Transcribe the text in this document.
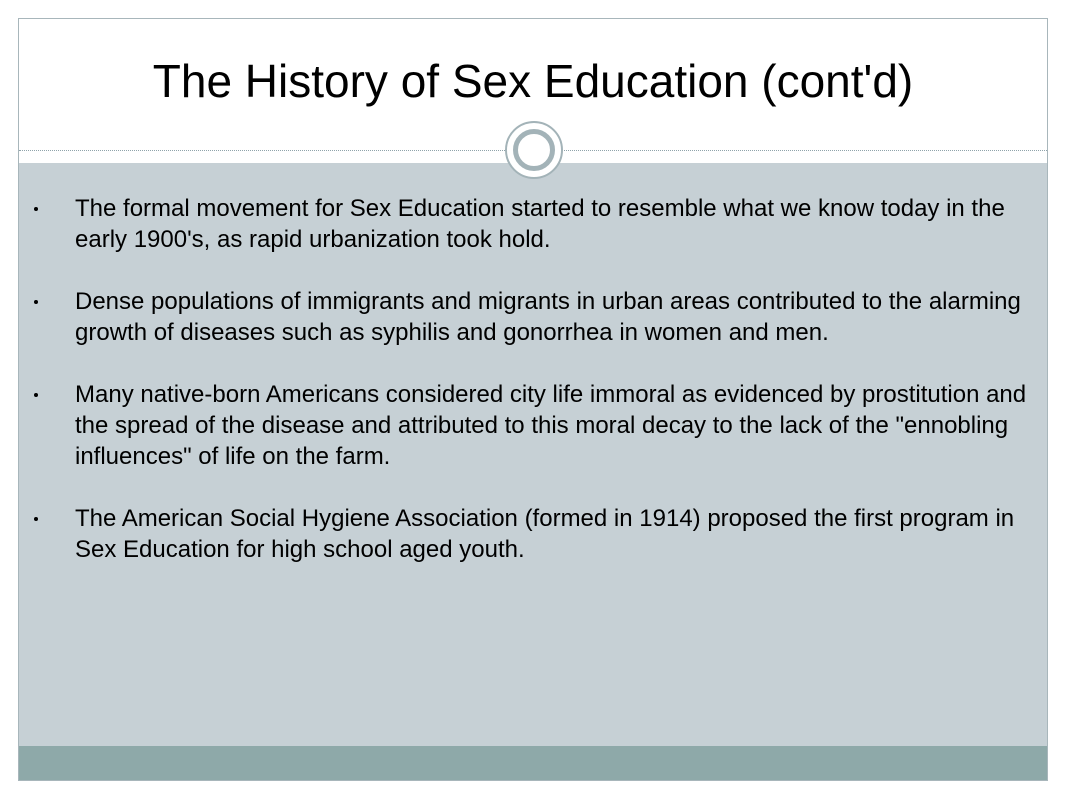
The History of Sex Education (cont'd)
The formal movement for Sex Education started to resemble what we know today in the early 1900's, as rapid urbanization took hold.
Dense populations of immigrants and migrants in urban areas contributed to the alarming growth of diseases such as syphilis and gonorrhea in women and men.
Many native-born Americans considered city life immoral as evidenced by prostitution and the spread of the disease and attributed to this moral decay to the lack of the "ennobling influences" of life on the farm.
The American Social Hygiene Association (formed in 1914) proposed the first program in Sex Education for high school aged youth.
